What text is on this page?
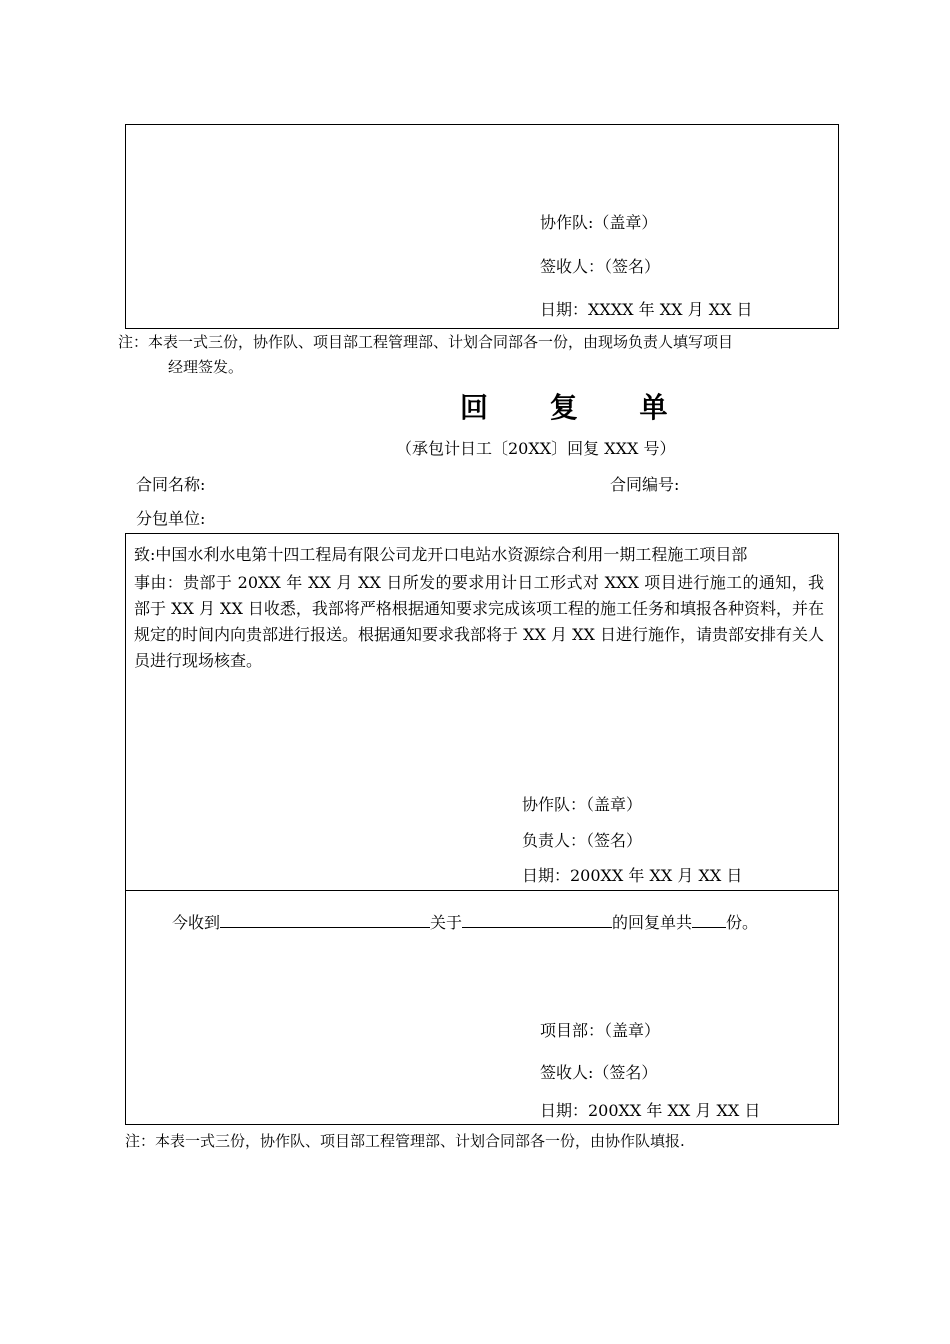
协作队:（盖章）
签收人：（签名）
日期：XXXX 年 XX 月 XX 日
注：本表一式三份，协作队、项目部工程管理部、计划合同部各一份，由现场负责人填写项目
经理签发。
回 复 单
（承包计日工〔20XX〕回复 XXX 号）
合同名称:	合同编号:
分包单位:
致:中国水利水电第十四工程局有限公司龙开口电站水资源综合利用一期工程施工项目部
事由：贵部于 20XX 年 XX 月 XX 日所发的要求用计日工形式对 XXX 项目进行施工的通知，我部于 XX 月 XX 日收悉，我部将严格根据通知要求完成该项工程的施工任务和填报各种资料，并在规定的时间内向贵部进行报送。根据通知要求我部将于 XX 月 XX 日进行施作，请贵部安排有关人员进行现场核查。
协作队：（盖章）
负责人：（签名）
日期：200XX 年 XX 月 XX 日
今收到	关于	的回复单共 份。
项目部：（盖章）
签收人:（签名）
日期：200XX 年 XX 月 XX 日
注：本表一式三份，协作队、项目部工程管理部、计划合同部各一份，由协作队填报.
